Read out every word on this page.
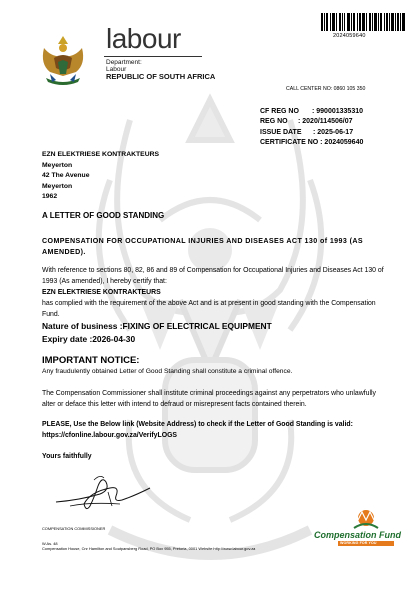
2024059640
labour
Department:
Labour
REPUBLIC OF SOUTH AFRICA
CALL CENTER NO: 0860 105 350
CF REG NO : 990001335310
REG NO : 2020/114506/07
ISSUE DATE : 2025-06-17
CERTIFICATE NO : 2024059640
EZN ELEKTRIESE KONTRAKTEURS
Meyerton
42 The Avenue
Meyerton
1962
A LETTER OF GOOD STANDING
COMPENSATION FOR OCCUPATIONAL INJURIES AND DISEASES ACT 130 of 1993 (AS AMENDED).
With reference to sections 80, 82, 86 and 89 of Compensation for Occupational Injuries and Diseases Act 130 of 1993 (As amended), I hereby certify that:
EZN ELEKTRIESE KONTRAKTEURS
has complied with the requirement of the above Act and is at present in good standing with the Compensation Fund.
Nature of business :FIXING OF ELECTRICAL EQUIPMENT
Expiry date :2026-04-30
IMPORTANT NOTICE:
Any fraudulently obtained Letter of Good Standing shall constitute a criminal offence.
The Compensation Commissioner shall institute criminal proceedings against any perpetrators who unlawfully alter or deface this letter with intend to defraud or misrepresent facts contained therein.
PLEASE, Use the Below link (Website Address) to check if the Letter of Good Standing is valid: https://cfonline.labour.gov.za/VerifyLOGS
Yours faithfully
COMPENSATION COMMISSIONER
W.As. 48
Compensation House, Cnr Hamilton and Soutpansberg Road, PO Box 955, Pretoria, 0001 Website:http://www.labour.gov.za
Compensation Fund
WORKING FOR YOU
